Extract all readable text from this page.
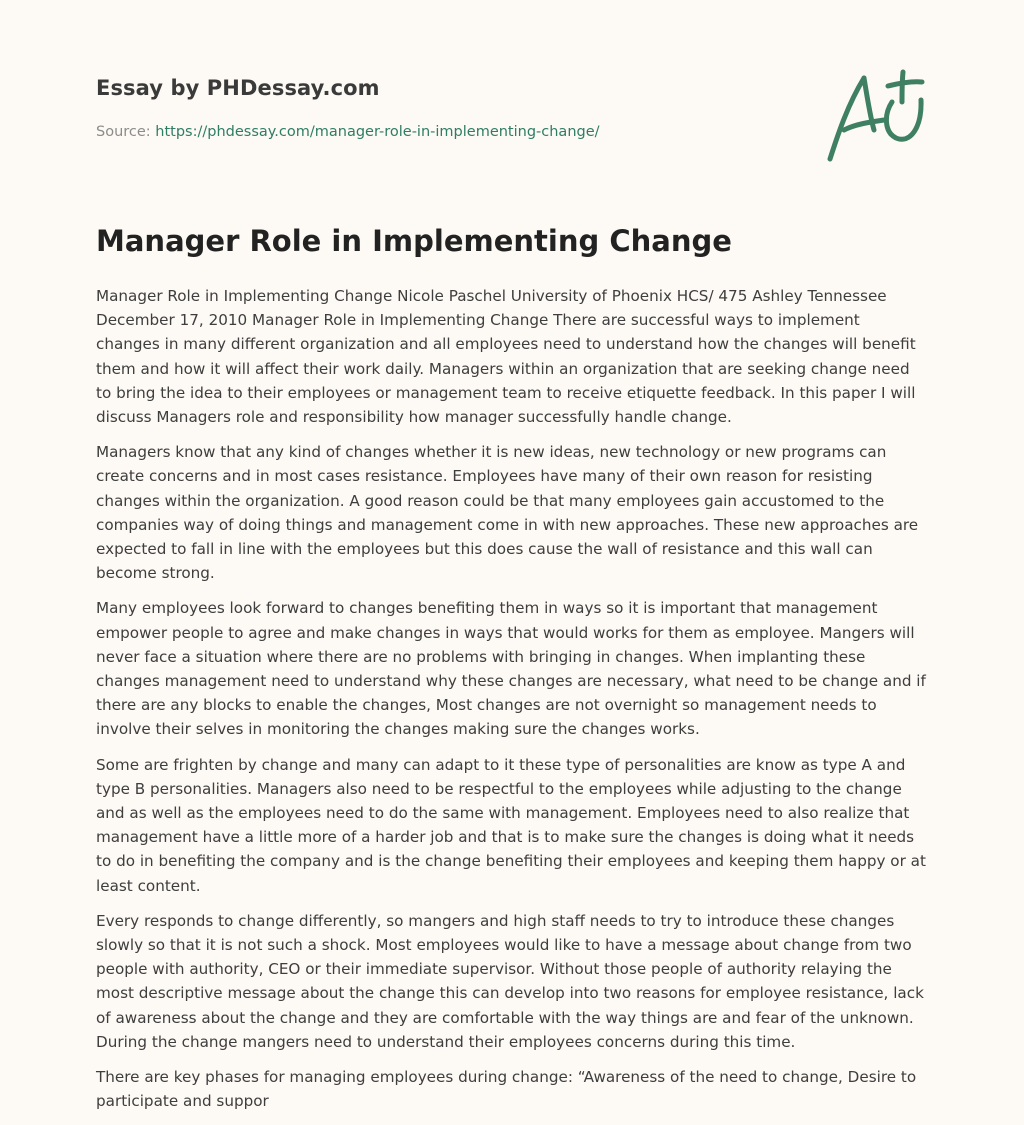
Essay by PHDessay.com
Source: https://phdessay.com/manager-role-in-implementing-change/
Manager Role in Implementing Change

Manager Role in Implementing Change Nicole Paschel University of Phoenix HCS/ 475 Ashley Tennessee December 17, 2010 Manager Role in Implementing Change There are successful ways to implement changes in many different organization and all employees need to understand how the changes will benefit them and how it will affect their work daily. Managers within an organization that are seeking change need to bring the idea to their employees or management team to receive etiquette feedback. In this paper I will discuss Managers role and responsibility how manager successfully handle change.

Managers know that any kind of changes whether it is new ideas, new technology or new programs can create concerns and in most cases resistance. Employees have many of their own reason for resisting changes within the organization. A good reason could be that many employees gain accustomed to the companies way of doing things and management come in with new approaches. These new approaches are expected to fall in line with the employees but this does cause the wall of resistance and this wall can become strong.

Many employees look forward to changes benefiting them in ways so it is important that management empower people to agree and make changes in ways that would works for them as employee. Mangers will never face a situation where there are no problems with bringing in changes. When implanting these changes management need to understand why these changes are necessary, what need to be change and if there are any blocks to enable the changes, Most changes are not overnight so management needs to involve their selves in monitoring the changes making sure the changes works.

Some are frighten by change and many can adapt to it these type of personalities are know as type A and type B personalities. Managers also need to be respectful to the employees while adjusting to the change and as well as the employees need to do the same with management. Employees need to also realize that management have a little more of a harder job and that is to make sure the changes is doing what it needs to do in benefiting the company and is the change benefiting their employees and keeping them happy or at least content.

Every responds to change differently, so mangers and high staff needs to try to introduce these changes slowly so that it is not such a shock. Most employees would like to have a message about change from two people with authority, CEO or their immediate supervisor. Without those people of authority relaying the most descriptive message about the change this can develop into two reasons for employee resistance, lack of awareness about the change and they are comfortable with the way things are and fear of the unknown. During the change mangers need to understand their employees concerns during this time.

There are key phases for managing employees during change: “Awareness of the need to change, Desire to participate and suppor
